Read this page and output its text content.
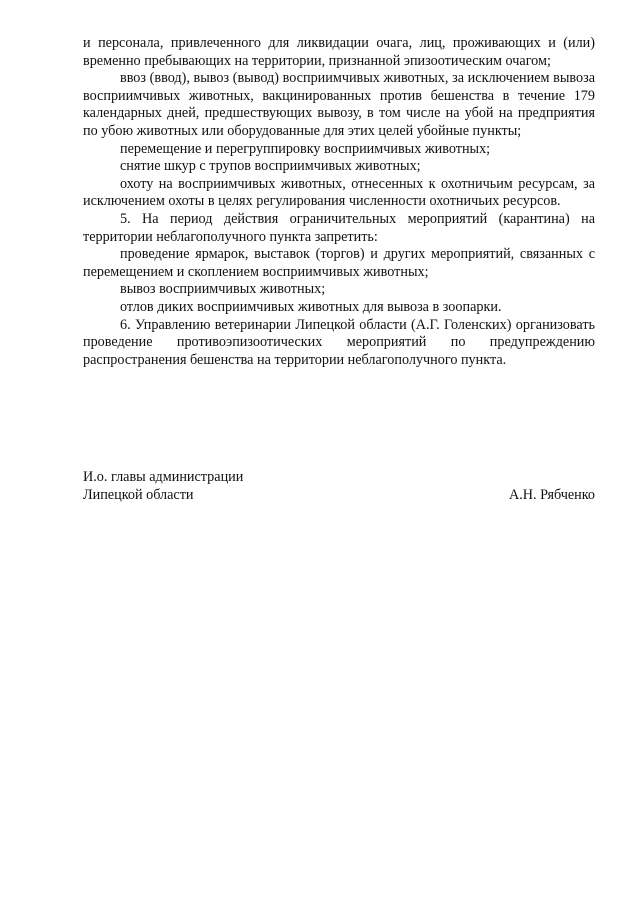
и персонала, привлеченного для ликвидации очага, лиц, проживающих и (или) временно пребывающих на территории, признанной эпизоотическим очагом;

ввоз (ввод), вывоз (вывод) восприимчивых животных, за исключением вывоза восприимчивых животных, вакцинированных против бешенства в течение 179 календарных дней, предшествующих вывозу, в том числе на убой на предприятия по убою животных или оборудованные для этих целей убойные пункты;

перемещение и перегруппировку восприимчивых животных;

снятие шкур с трупов восприимчивых животных;

охоту на восприимчивых животных, отнесенных к охотничьим ресурсам, за исключением охоты в целях регулирования численности охотничьих ресурсов.

5. На период действия ограничительных мероприятий (карантина) на территории неблагополучного пункта запретить:

проведение ярмарок, выставок (торгов) и других мероприятий, связанных с перемещением и скоплением восприимчивых животных;

вывоз восприимчивых животных;

отлов диких восприимчивых животных для вывоза в зоопарки.

6. Управлению ветеринарии Липецкой области (А.Г. Голенских) организовать проведение противоэпизоотических мероприятий по предупреждению распространения бешенства на территории неблагополучного пункта.

И.о. главы администрации
Липецкой области	А.Н. Рябченко
